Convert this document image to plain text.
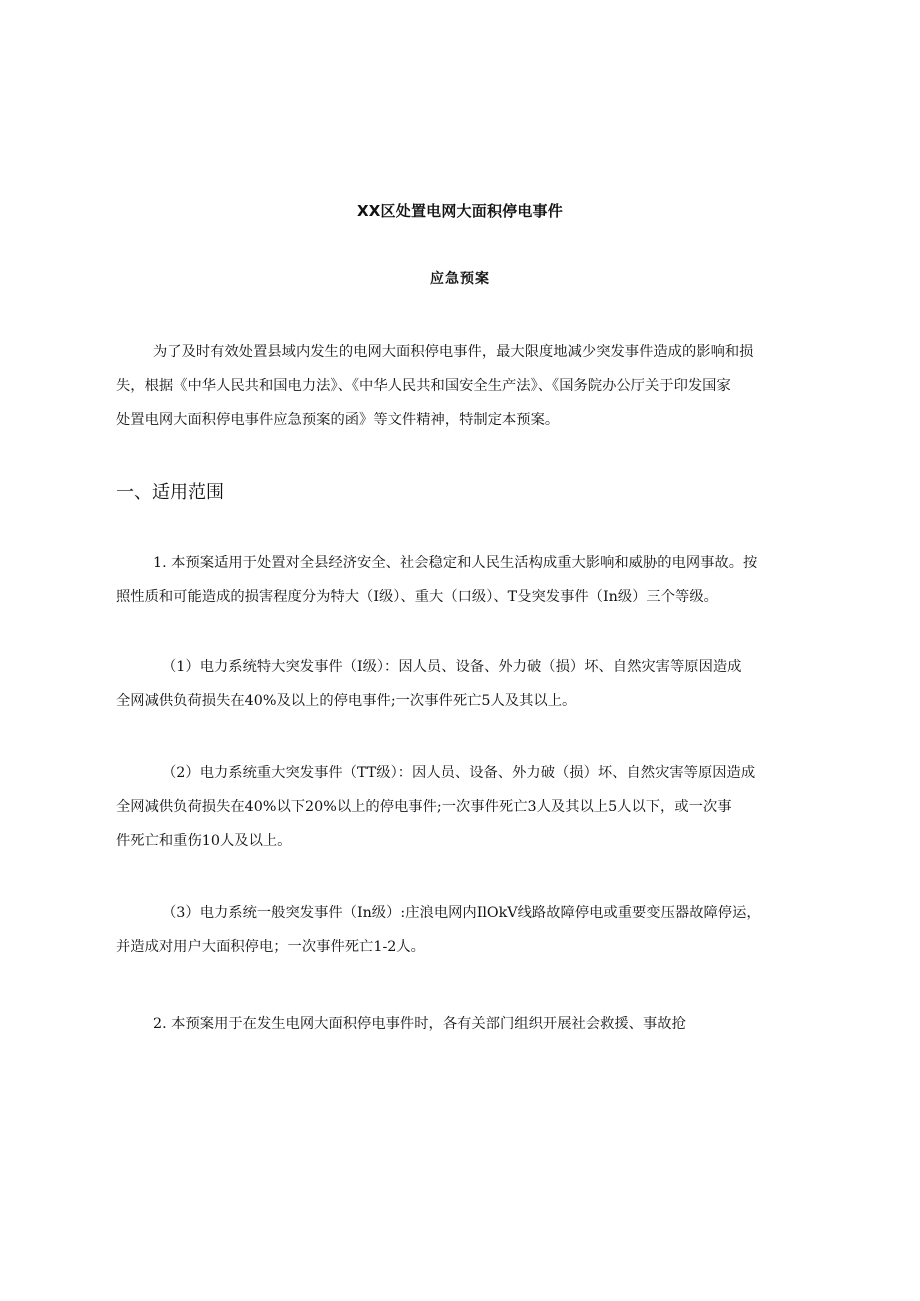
XX区处置电网大面积停电事件
应急预案
为了及时有效处置县域内发生的电网大面积停电事件，最大限度地减少突发事件造成的影响和损
失，根据《中华人民共和国电力法》、《中华人民共和国安全生产法》、《国务院办公厅关于印发国家
处置电网大面积停电事件应急预案的函》等文件精神，特制定本预案。
一、适用范围
1. 本预案适用于处置对全县经济安全、社会稳定和人民生活构成重大影响和威胁的电网事故。按
照性质和可能造成的损害程度分为特大（I级）、重大（口级）、T殳突发事件（In级）三个等级。
（1）电力系统特大突发事件（I级）：因人员、设备、外力破（损）坏、自然灾害等原因造成
全网减供负荷损失在40%及以上的停电事件;一次事件死亡5人及其以上。
（2）电力系统重大突发事件（TT级）：因人员、设备、外力破（损）坏、自然灾害等原因造成
全网减供负荷损失在40%以下20%以上的停电事件;一次事件死亡3人及其以上5人以下，或一次事
件死亡和重伤10人及以上。
（3）电力系统一般突发事件（In级）:庄浪电网内IlOkV线路故障停电或重要变压器故障停运，
并造成对用户大面积停电；一次事件死亡1-2人。
2. 本预案用于在发生电网大面积停电事件时，各有关部门组织开展社会救援、事故抢
